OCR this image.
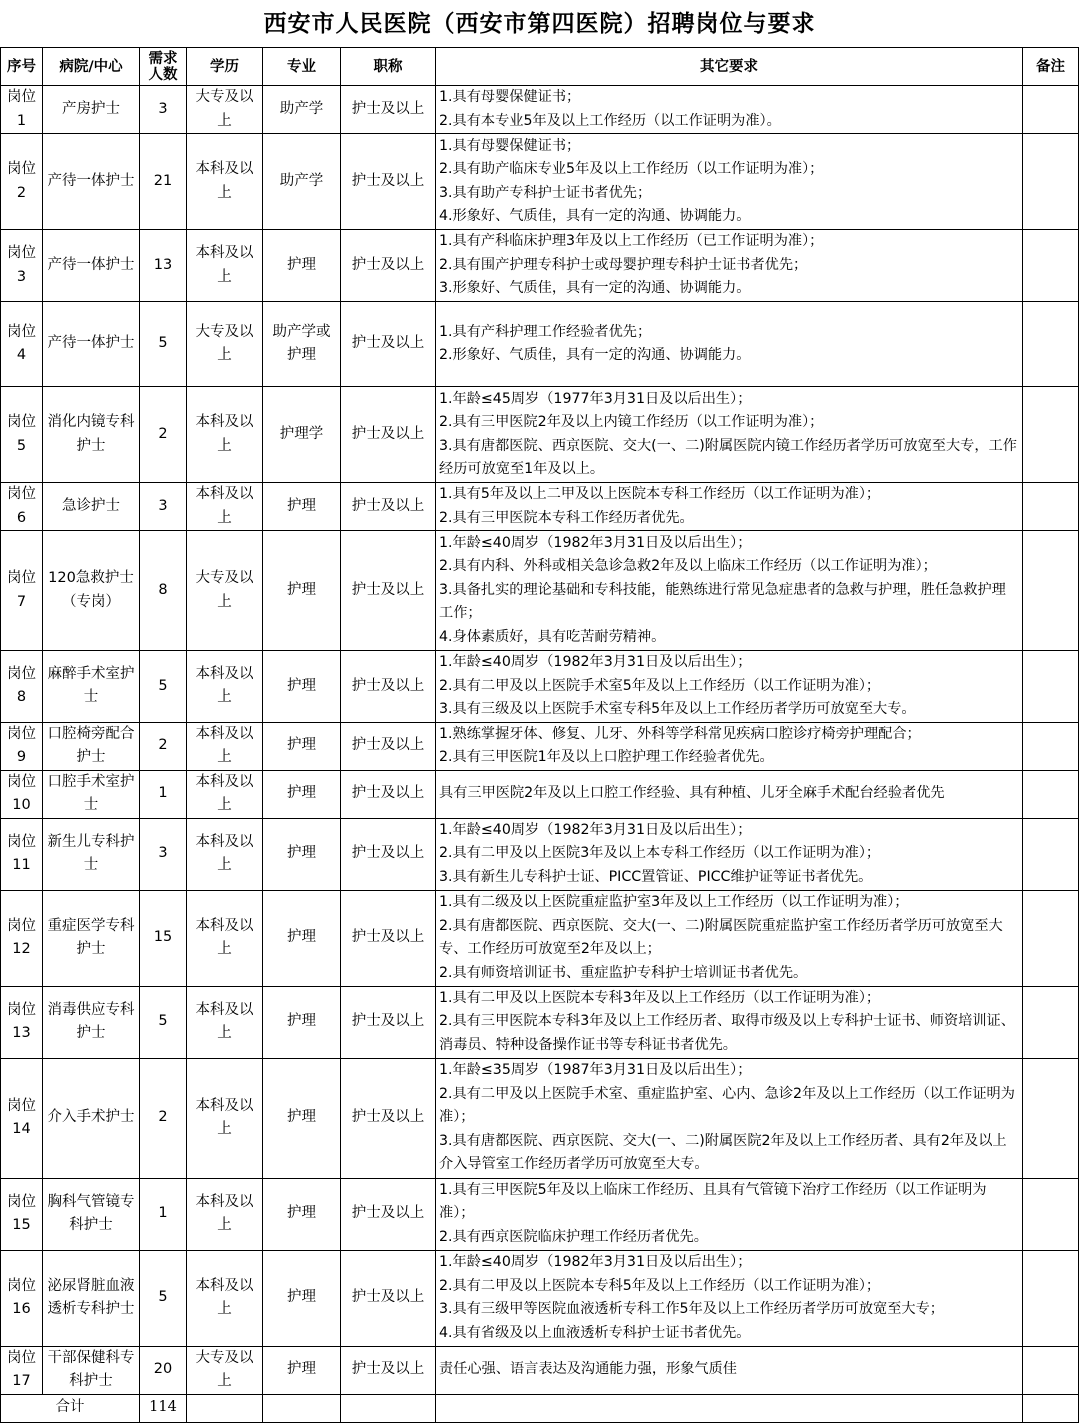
西安市人民医院（西安市第四医院）招聘岗位与要求
序号	病院/中心	需求人数	学历	专业	职称	其它要求	备注
岗位1	产房护士	3	大专及以上	助产学	护士及以上	1.具有母婴保健证书；
2.具有本专业5年及以上工作经历（以工作证明为准）。	

岗位2	产待一体护士	21	本科及以上	助产学	护士及以上	1.具有母婴保健证书；
2.具有助产临床专业5年及以上工作经历（以工作证明为准）；
3.具有助产专科护士证书者优先；
4.形象好、气质佳，具有一定的沟通、协调能力。	

岗位3	产待一体护士	13	本科及以上	护理	护士及以上	1.具有产科临床护理3年及以上工作经历（已工作证明为准）；
2.具有围产护理专科护士或母婴护理专科护士证书者优先；
3.形象好、气质佳，具有一定的沟通、协调能力。	

岗位4	产待一体护士	5	大专及以上	助产学或护理	护士及以上	1.具有产科护理工作经验者优先；
2.形象好、气质佳，具有一定的沟通、协调能力。	

岗位5	消化内镜专科护士	2	本科及以上	护理学	护士及以上	1.年龄≤45周岁（1977年3月31日及以后出生）；
2.具有三甲医院2年及以上内镜工作经历（以工作证明为准）；
3.具有唐都医院、西京医院、交大(一、二)附属医院内镜工作经历者学历可放宽至大专，工作经历可放宽至1年及以上。	

岗位6	急诊护士	3	本科及以上	护理	护士及以上	1.具有5年及以上二甲及以上医院本专科工作经历（以工作证明为准）；
2.具有三甲医院本专科工作经历者优先。	

岗位7	120急救护士（专岗）	8	大专及以上	护理	护士及以上	1.年龄≤40周岁（1982年3月31日及以后出生）；
2.具有内科、外科或相关急诊急救2年及以上临床工作经历（以工作证明为准）；
3.具备扎实的理论基础和专科技能，能熟练进行常见急症患者的急救与护理，胜任急救护理工作；
4.身体素质好，具有吃苦耐劳精神。	

岗位8	麻醉手术室护士	5	本科及以上	护理	护士及以上	1.年龄≤40周岁（1982年3月31日及以后出生）；
2.具有二甲及以上医院手术室5年及以上工作经历（以工作证明为准）；
3.具有三级及以上医院手术室专科5年及以上工作经历者学历可放宽至大专。	

岗位9	口腔椅旁配合护士	2	本科及以上	护理	护士及以上	1.熟练掌握牙体、修复、儿牙、外科等学科常见疾病口腔诊疗椅旁护理配合；
2.具有三甲医院1年及以上口腔护理工作经验者优先。	

岗位10	口腔手术室护士	1	本科及以上	护理	护士及以上	具有三甲医院2年及以上口腔工作经验、具有种植、儿牙全麻手术配台经验者优先	

岗位11	新生儿专科护士	3	本科及以上	护理	护士及以上	1.年龄≤40周岁（1982年3月31日及以后出生）；
2.具有二甲及以上医院3年及以上本专科工作经历（以工作证明为准）；
3.具有新生儿专科护士证、PICC置管证、PICC维护证等证书者优先。	

岗位12	重症医学专科护士	15	本科及以上	护理	护士及以上	1.具有二级及以上医院重症监护室3年及以上工作经历（以工作证明为准）；
2.具有唐都医院、西京医院、交大(一、二)附属医院重症监护室工作经历者学历可放宽至大专、工作经历可放宽至2年及以上；
2.具有师资培训证书、重症监护专科护士培训证书者优先。	

岗位13	消毒供应专科护士	5	本科及以上	护理	护士及以上	1.具有二甲及以上医院本专科3年及以上工作经历（以工作证明为准）；
2.具有三甲医院本专科3年及以上工作经历者、取得市级及以上专科护士证书、师资培训证、消毒员、特种设备操作证书等专科证书者优先。	

岗位14	介入手术护士	2	本科及以上	护理	护士及以上	1.年龄≤35周岁（1987年3月31日及以后出生）；
2.具有二甲及以上医院手术室、重症监护室、心内、急诊2年及以上工作经历（以工作证明为准）；
3.具有唐都医院、西京医院、交大(一、二)附属医院2年及以上工作经历者、具有2年及以上介入导管室工作经历者学历可放宽至大专。	

岗位15	胸科气管镜专科护士	1	本科及以上	护理	护士及以上	1.具有三甲医院5年及以上临床工作经历、且具有气管镜下治疗工作经历（以工作证明为准）；
2.具有西京医院临床护理工作经历者优先。	

岗位16	泌尿肾脏血液透析专科护士	5	本科及以上	护理	护士及以上	1.年龄≤40周岁（1982年3月31日及以后出生）；
2.具有二甲及以上医院本专科5年及以上工作经历（以工作证明为准）；
3.具有三级甲等医院血液透析专科工作5年及以上工作经历者学历可放宽至大专；
4.具有省级及以上血液透析专科护士证书者优先。	

岗位17	干部保健科专科护士	20	大专及以上	护理	护士及以上	责任心强、语言表达及沟通能力强，形象气质佳	

合计		114					
